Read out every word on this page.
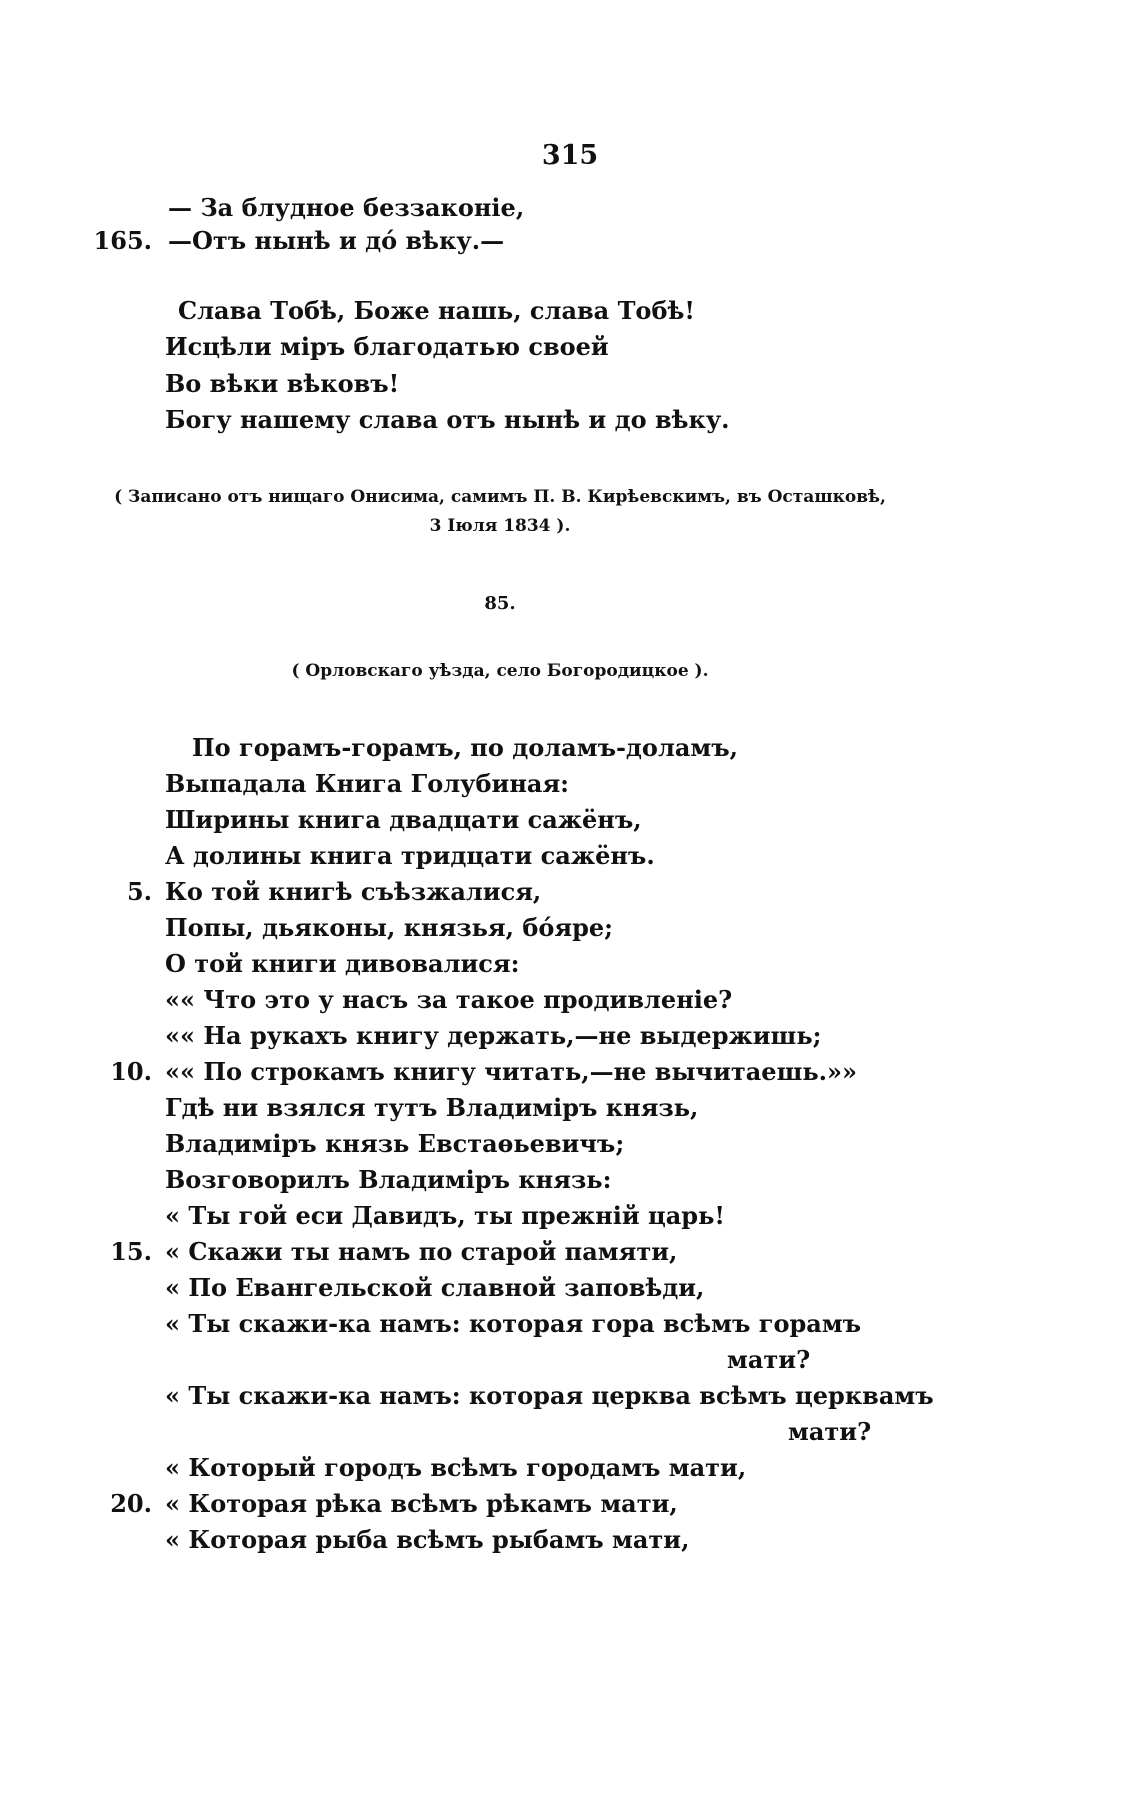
315
— За блудное беззаконіе,
165. —Отъ нынѣ и дó вѣку.—
Слава Тобѣ, Боже нашь, слава Тобѣ!
Исцѣли міръ благодатью своей
Во вѣки вѣковъ!
Богу нашему слава отъ нынѣ и до вѣку.
( Записано отъ нищаго Онисима, самимъ П. В. Кирѣевскимъ, въ Осташковѣ,
3 Іюля 1834 ).
85.
( Орловскаго уѣзда, село Богородицкое ).
По горамъ-горамъ, по доламъ-доламъ,
Выпадала Книга Голубиная:
Ширины книга двадцати сажёнъ,
А долины книга тридцати сажёнъ.
5. Ко той книгѣ съѣзжалися,
Попы, дьяконы, князья, бóяре;
О той книги дивовалися:
«« Что это у насъ за такое продивленіе?
«« На рукахъ книгу держать,—не выдержишь;
10. «« По строкамъ книгу читать,—не вычитаешь.»»
Гдѣ ни взялся тутъ Владиміръ князь,
Владиміръ князь Евстаѳьевичъ;
Возговорилъ Владиміръ князь:
« Ты гой еси Давидъ, ты прежній царь!
15. « Скажи ты намъ по старой памяти,
« По Евангельской славной заповѣди,
« Ты скажи-ка намъ: которая гора всѣмъ горамъ
мати?
« Ты скажи-ка намъ: которая церква всѣмъ церквамъ
мати?
« Который городъ всѣмъ городамъ мати,
20. « Которая рѣка всѣмъ рѣкамъ мати,
« Которая рыба всѣмъ рыбамъ мати,
